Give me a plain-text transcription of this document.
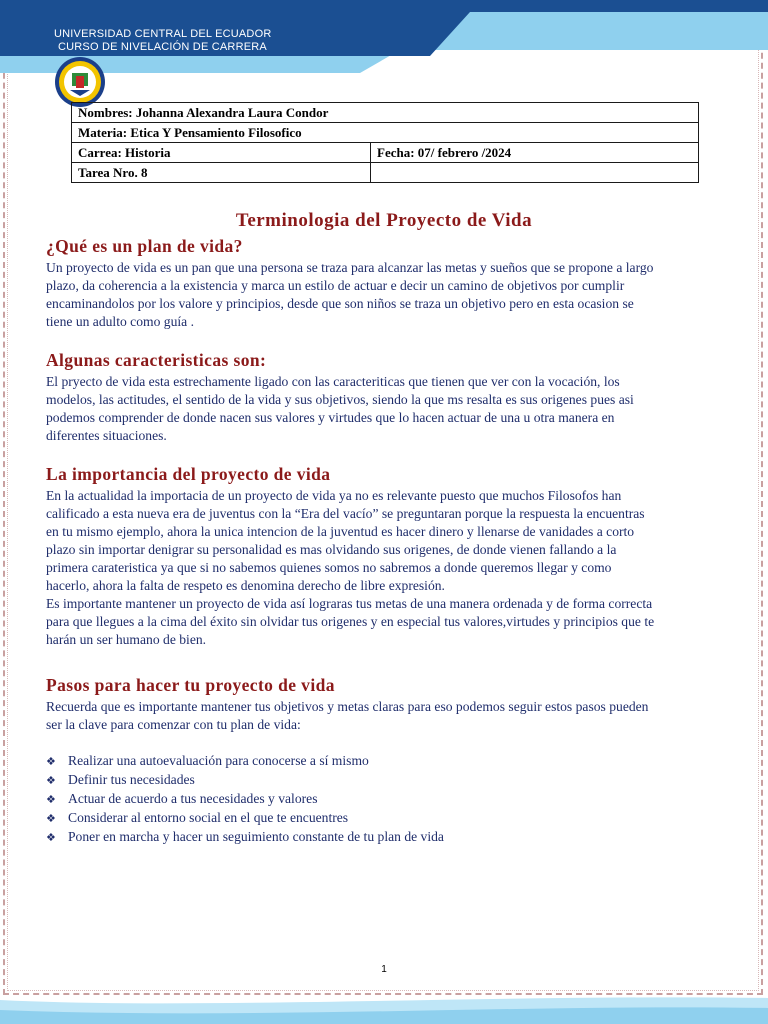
UNIVERSIDAD CENTRAL DEL ECUADOR
CURSO DE NIVELACIÓN DE CARRERA
Nombres: Johanna Alexandra Laura Condor	
Materia: Etica Y Pensamiento Filosofico	
Carrea: Historia	Fecha: 07/ febrero /2024
Tarea Nro. 8	
Terminologia del Proyecto de Vida
¿Qué es un plan de vida?
Un proyecto de vida es un pan que una persona se traza para alcanzar las metas y sueños que se propone a largo
plazo, da coherencia a la existencia y marca un estilo de actuar e decir un camino de objetivos por cumplir
encaminandolos por los valore y principios, desde que son niños se traza un objetivo pero en esta ocasion se
tiene un adulto como guía .
Algunas caracteristicas son:
El pryecto de vida esta estrechamente ligado con las caracteriticas que tienen que ver con la vocación, los
modelos, las actitudes, el sentido de la vida y sus objetivos, siendo la que ms resalta es sus origenes pues asi
podemos comprender de donde nacen sus valores y virtudes que lo hacen actuar de una u otra manera en
diferentes situaciones.
La importancia del proyecto de vida
En la actualidad la importacia de un proyecto de vida ya no es relevante puesto que muchos Filosofos han
calificado a esta nueva era de juventus con la “Era del vacío” se preguntaran porque la respuesta la encuentras
en tu mismo ejemplo, ahora la unica intencion de la juventud es hacer dinero y llenarse de vanidades a corto
plazo sin importar denigrar su personalidad es mas olvidando sus origenes, de donde vienen fallando a la
primera carateristica ya que si no sabemos quienes somos no sabremos a donde queremos llegar y como
hacerlo, ahora la falta de respeto es denomina derecho de libre expresión.
Es importante mantener un proyecto de vida así lograras tus metas de una manera ordenada y de forma correcta
para que llegues a la cima del éxito sin olvidar tus origenes y en especial tus valores,virtudes y principios que te
harán un ser humano de bien.
Pasos para hacer tu proyecto de vida
Recuerda que es importante mantener tus objetivos y metas claras para eso podemos seguir estos pasos pueden
ser la clave para comenzar con tu plan de vida:
❖ Realizar una autoevaluación para conocerse a sí mismo
❖ Definir tus necesidades
❖ Actuar de acuerdo a tus necesidades y valores
❖ Considerar al entorno social en el que te encuentres
❖ Poner en marcha y hacer un seguimiento constante de tu plan de vida
1
